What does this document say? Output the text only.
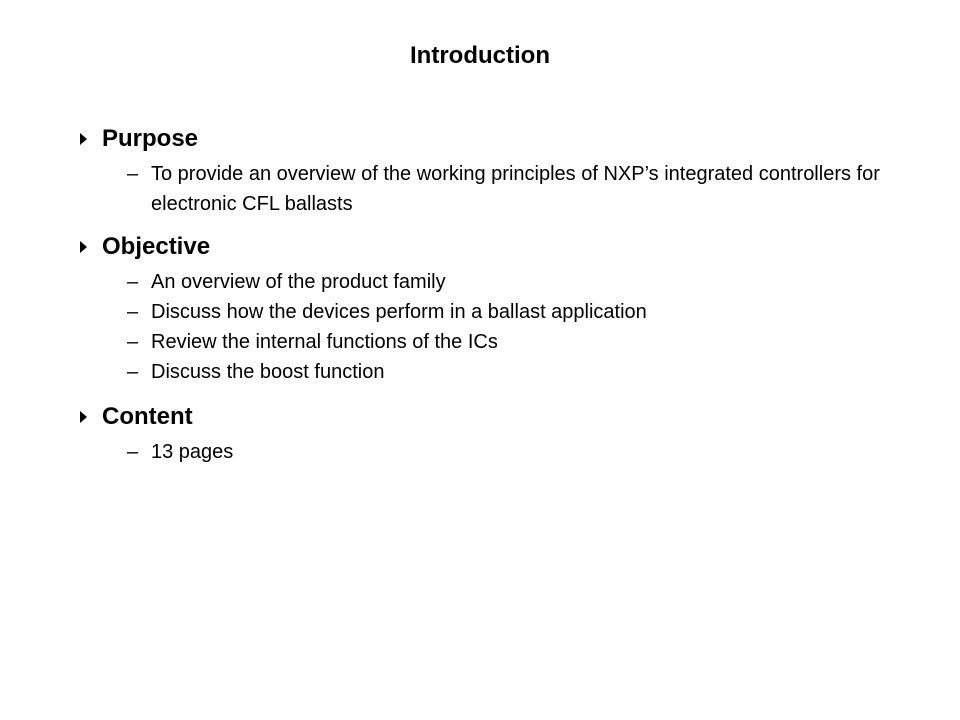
Introduction
Purpose
– To provide an overview of the working principles of NXP’s integrated controllers for electronic CFL ballasts
Objective
– An overview of the product family
– Discuss how the devices perform in a ballast application
– Review the internal functions of the ICs
– Discuss the boost function
Content
– 13 pages
